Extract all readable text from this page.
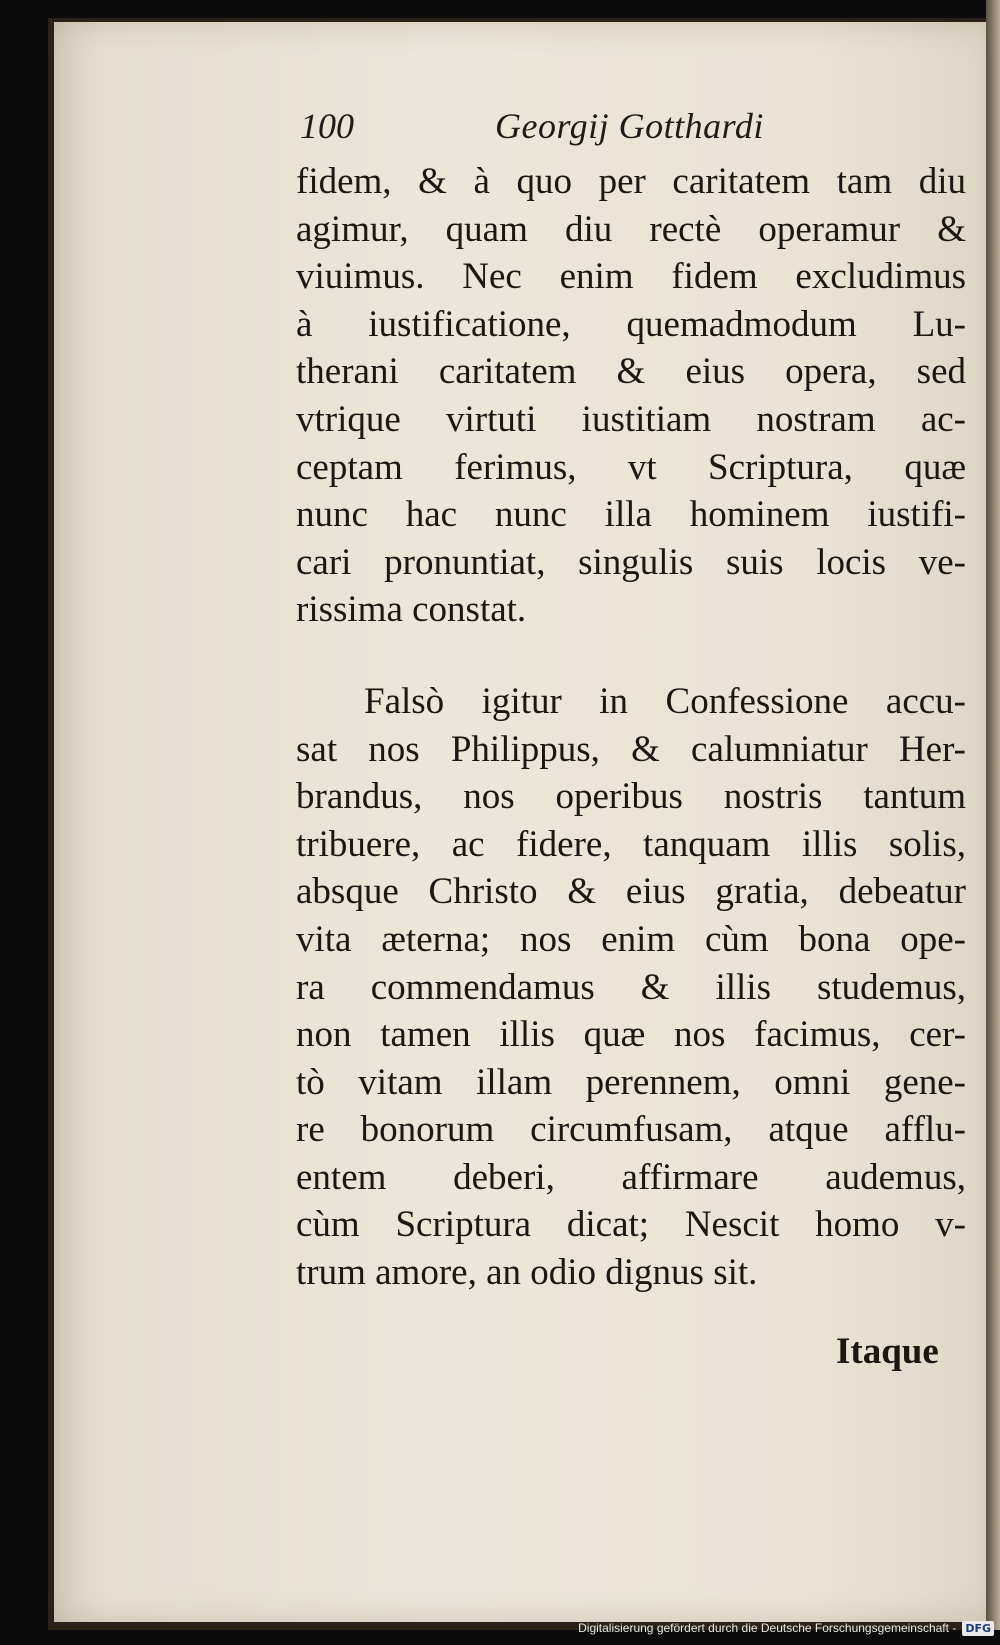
100	Georgij Gotthardi
fidem, & à quo per caritatem tam diu
agimur, quam diu rectè operamur &
viuimus. Nec enim fidem excludimus
à iustificatione, quemadmodum Lu-
therani caritatem & eius opera, sed
vtrique virtuti iustitiam nostram ac-
ceptam ferimus, vt Scriptura, quæ
nunc hac nunc illa hominem iustifi-
cari pronuntiat, singulis suis locis ve-
rissima constat.
Falsò igitur in Confessione accu-
sat nos Philippus, & calumniatur Her-
brandus, nos operibus nostris tantum
tribuere, ac fidere, tanquam illis solis,
absque Christo & eius gratia, debeatur
vita æterna; nos enim cùm bona ope-
ra commendamus & illis studemus,
non tamen illis quæ nos facimus, cer-
tò vitam illam perennem, omni gene-
re bonorum circumfusam, atque afflu-
entem deberi, affirmare audemus,
cùm Scriptura dicat; Nescit homo v-
trum amore, an odio dignus sit.
Itaque
Digitalisierung gefördert durch die Deutsche Forschungsgemeinschaft - DFG
